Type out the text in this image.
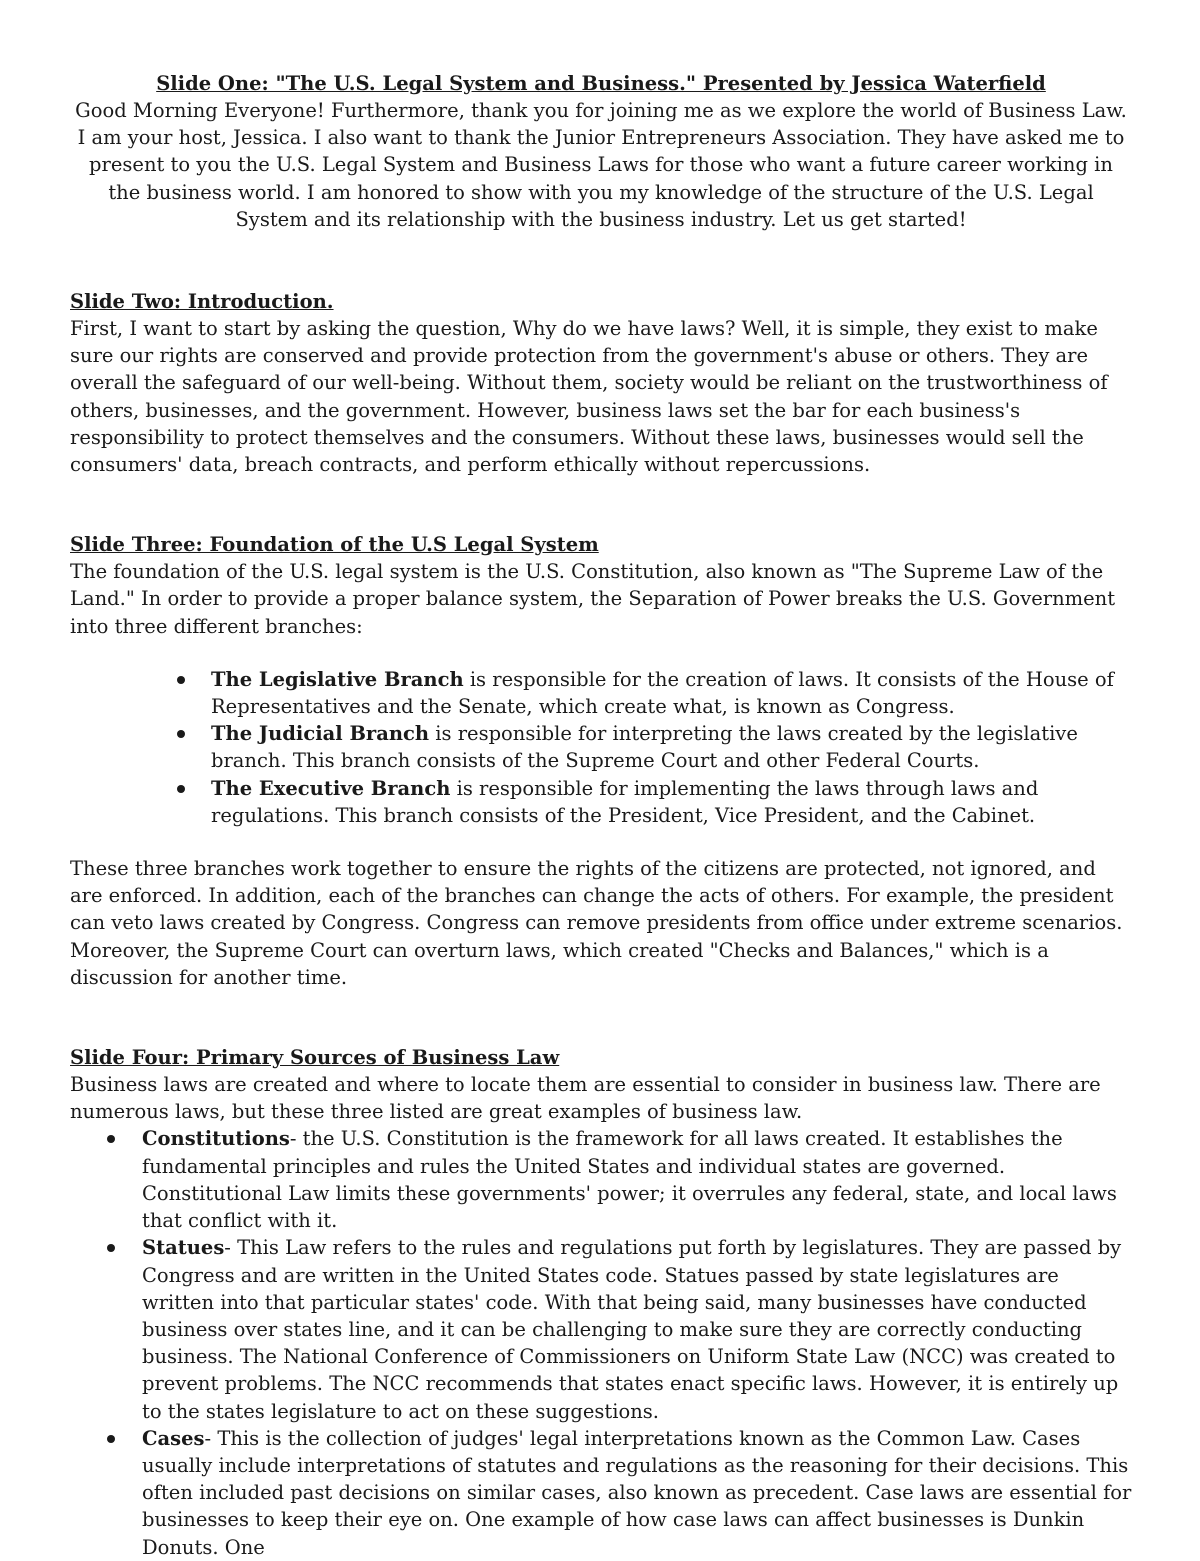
Slide One: "The U.S. Legal System and Business." Presented by Jessica Waterfield

Good Morning Everyone! Furthermore, thank you for joining me as we explore the world of Business Law. I am your host, Jessica. I also want to thank the Junior Entrepreneurs Association. They have asked me to present to you the U.S. Legal System and Business Laws for those who want a future career working in the business world. I am honored to show with you my knowledge of the structure of the U.S. Legal System and its relationship with the business industry. Let us get started!

Slide Two: Introduction.

First, I want to start by asking the question, Why do we have laws? Well, it is simple, they exist to make sure our rights are conserved and provide protection from the government's abuse or others. They are overall the safeguard of our well-being. Without them, society would be reliant on the trustworthiness of others, businesses, and the government. However, business laws set the bar for each business's responsibility to protect themselves and the consumers. Without these laws, businesses would sell the consumers' data, breach contracts, and perform ethically without repercussions.

Slide Three: Foundation of the U.S Legal System

The foundation of the U.S. legal system is the U.S. Constitution, also known as "The Supreme Law of the Land." In order to provide a proper balance system, the Separation of Power breaks the U.S. Government into three different branches:

The Legislative Branch is responsible for the creation of laws. It consists of the House of Representatives and the Senate, which create what, is known as Congress.
The Judicial Branch is responsible for interpreting the laws created by the legislative branch. This branch consists of the Supreme Court and other Federal Courts.
The Executive Branch is responsible for implementing the laws through laws and regulations. This branch consists of the President, Vice President, and the Cabinet.

These three branches work together to ensure the rights of the citizens are protected, not ignored, and are enforced. In addition, each of the branches can change the acts of others. For example, the president can veto laws created by Congress. Congress can remove presidents from office under extreme scenarios. Moreover, the Supreme Court can overturn laws, which created "Checks and Balances," which is a discussion for another time.

Slide Four: Primary Sources of Business Law

Business laws are created and where to locate them are essential to consider in business law. There are numerous laws, but these three listed are great examples of business law.

Constitutions- the U.S. Constitution is the framework for all laws created. It establishes the fundamental principles and rules the United States and individual states are governed. Constitutional Law limits these governments' power; it overrules any federal, state, and local laws that conflict with it.
Statues- This Law refers to the rules and regulations put forth by legislatures. They are passed by Congress and are written in the United States code. Statues passed by state legislatures are written into that particular states' code. With that being said, many businesses have conducted business over states line, and it can be challenging to make sure they are correctly conducting business. The National Conference of Commissioners on Uniform State Law (NCC) was created to prevent problems. The NCC recommends that states enact specific laws. However, it is entirely up to the states legislature to act on these suggestions.
Cases- This is the collection of judges' legal interpretations known as the Common Law. Cases usually include interpretations of statutes and regulations as the reasoning for their decisions. This often included past decisions on similar cases, also known as precedent. Case laws are essential for businesses to keep their eye on. One example of how case laws can affect businesses is Dunkin Donuts. One
